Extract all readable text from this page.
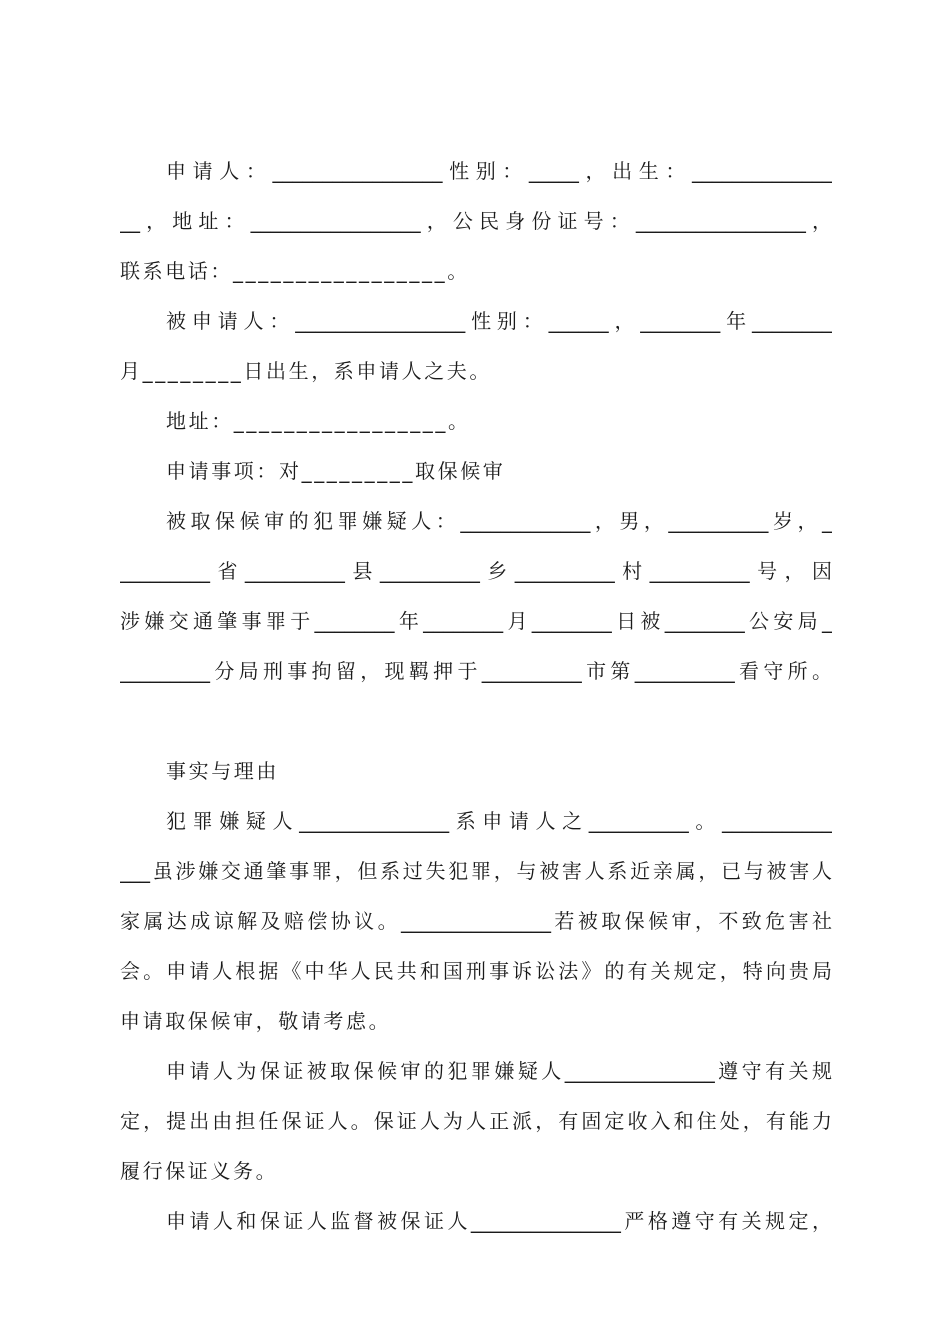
申请人：_________________性别：_____，出生：______________
__，地址：_________________，公民身份证号：_________________，
联系电话：_________________。
被申请人：_________________性别：______，________年________
月________日出生，系申请人之夫。
地址：_________________。
申请事项：对_________取保候审
被取保候审的犯罪嫌疑人：_____________，男，__________岁，_
_________省__________县__________乡__________村__________号，因
涉嫌交通肇事罪于________年________月________日被________公安局_
_________分局刑事拘留，现羁押于__________市第__________看守所。
事实与理由
犯罪嫌疑人_______________系申请人之__________。___________
___虽涉嫌交通肇事罪，但系过失犯罪，与被害人系近亲属，已与被害人
家属达成谅解及赔偿协议。_______________若被取保候审，不致危害社
会。申请人根据《中华人民共和国刑事诉讼法》的有关规定，特向贵局
申请取保候审，敬请考虑。
申请人为保证被取保候审的犯罪嫌疑人_______________遵守有关规
定，提出由担任保证人。保证人为人正派，有固定收入和住处，有能力
履行保证义务。
申请人和保证人监督被保证人_______________严格遵守有关规定，
